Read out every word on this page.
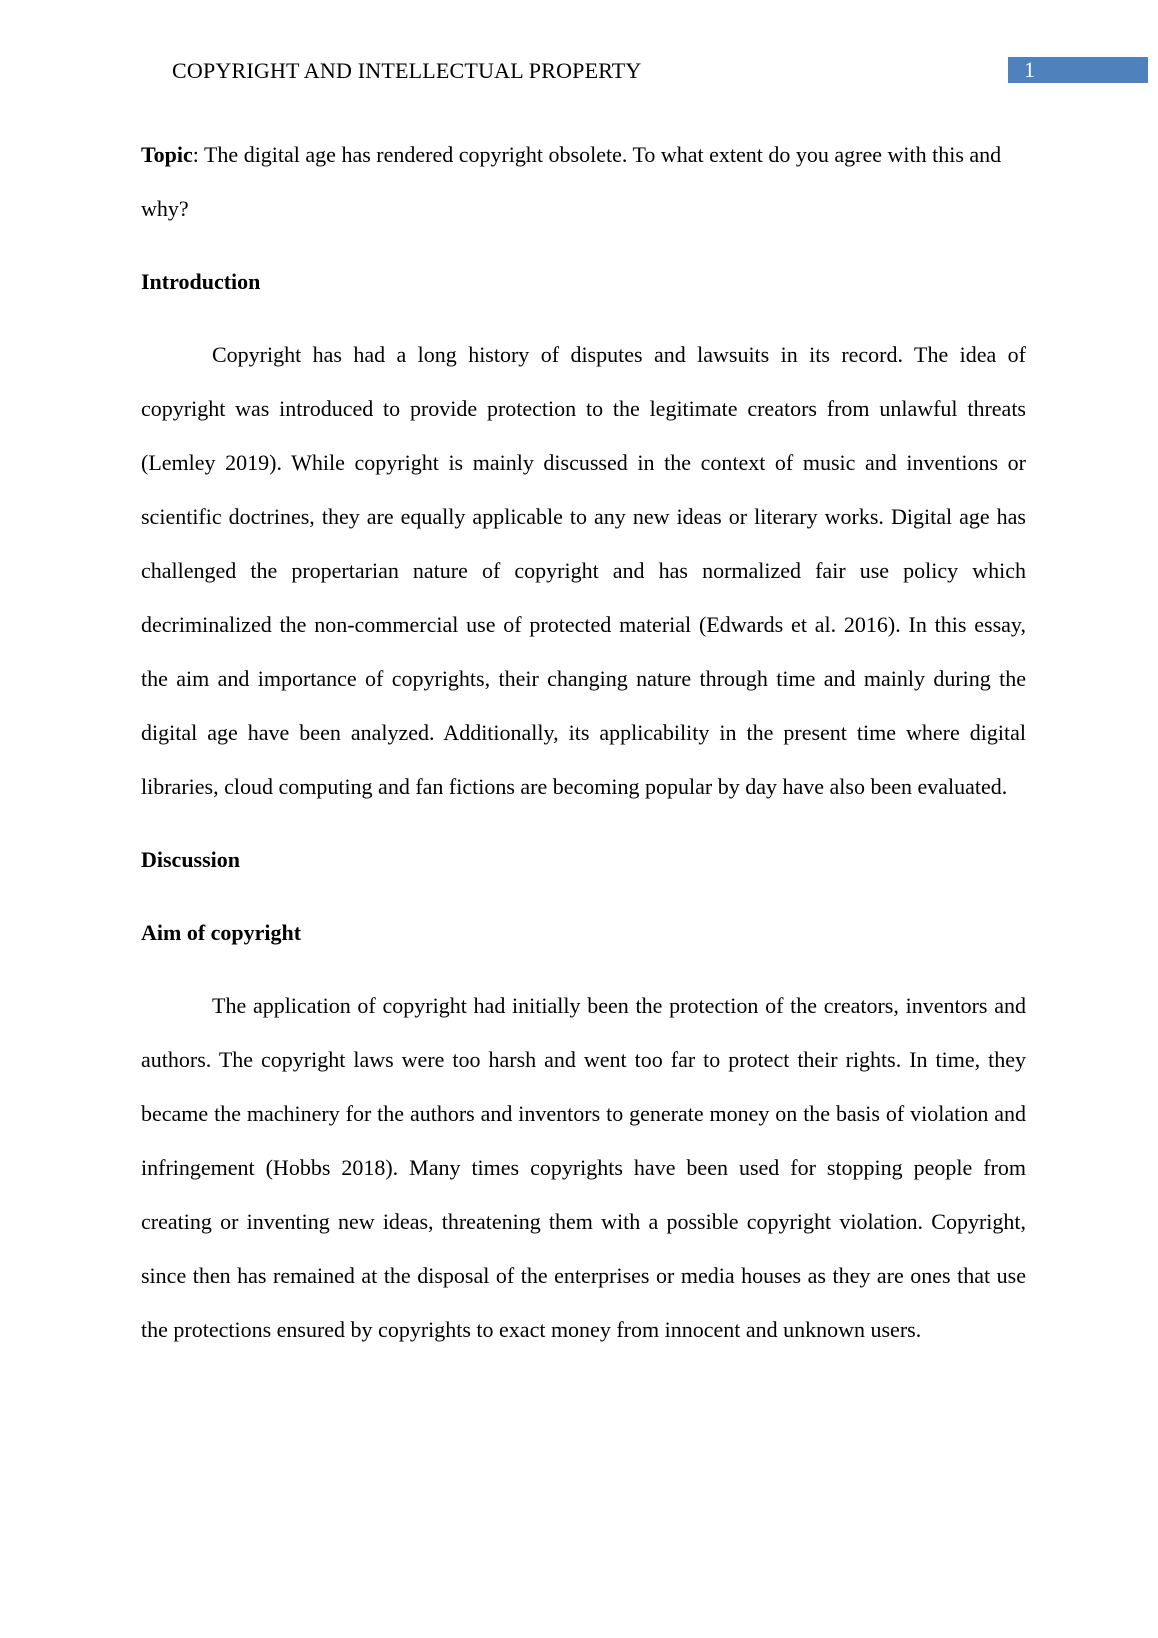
COPYRIGHT AND INTELLECTUAL PROPERTY	1

Topic: The digital age has rendered copyright obsolete. To what extent do you agree with this and why?

Introduction

Copyright has had a long history of disputes and lawsuits in its record. The idea of copyright was introduced to provide protection to the legitimate creators from unlawful threats (Lemley 2019). While copyright is mainly discussed in the context of music and inventions or scientific doctrines, they are equally applicable to any new ideas or literary works. Digital age has challenged the propertarian nature of copyright and has normalized fair use policy which decriminalized the non-commercial use of protected material (Edwards et al. 2016). In this essay, the aim and importance of copyrights, their changing nature through time and mainly during the digital age have been analyzed. Additionally, its applicability in the present time where digital libraries, cloud computing and fan fictions are becoming popular by day have also been evaluated.

Discussion

Aim of copyright

The application of copyright had initially been the protection of the creators, inventors and authors. The copyright laws were too harsh and went too far to protect their rights. In time, they became the machinery for the authors and inventors to generate money on the basis of violation and infringement (Hobbs 2018). Many times copyrights have been used for stopping people from creating or inventing new ideas, threatening them with a possible copyright violation. Copyright, since then has remained at the disposal of the enterprises or media houses as they are ones that use the protections ensured by copyrights to exact money from innocent and unknown users.
